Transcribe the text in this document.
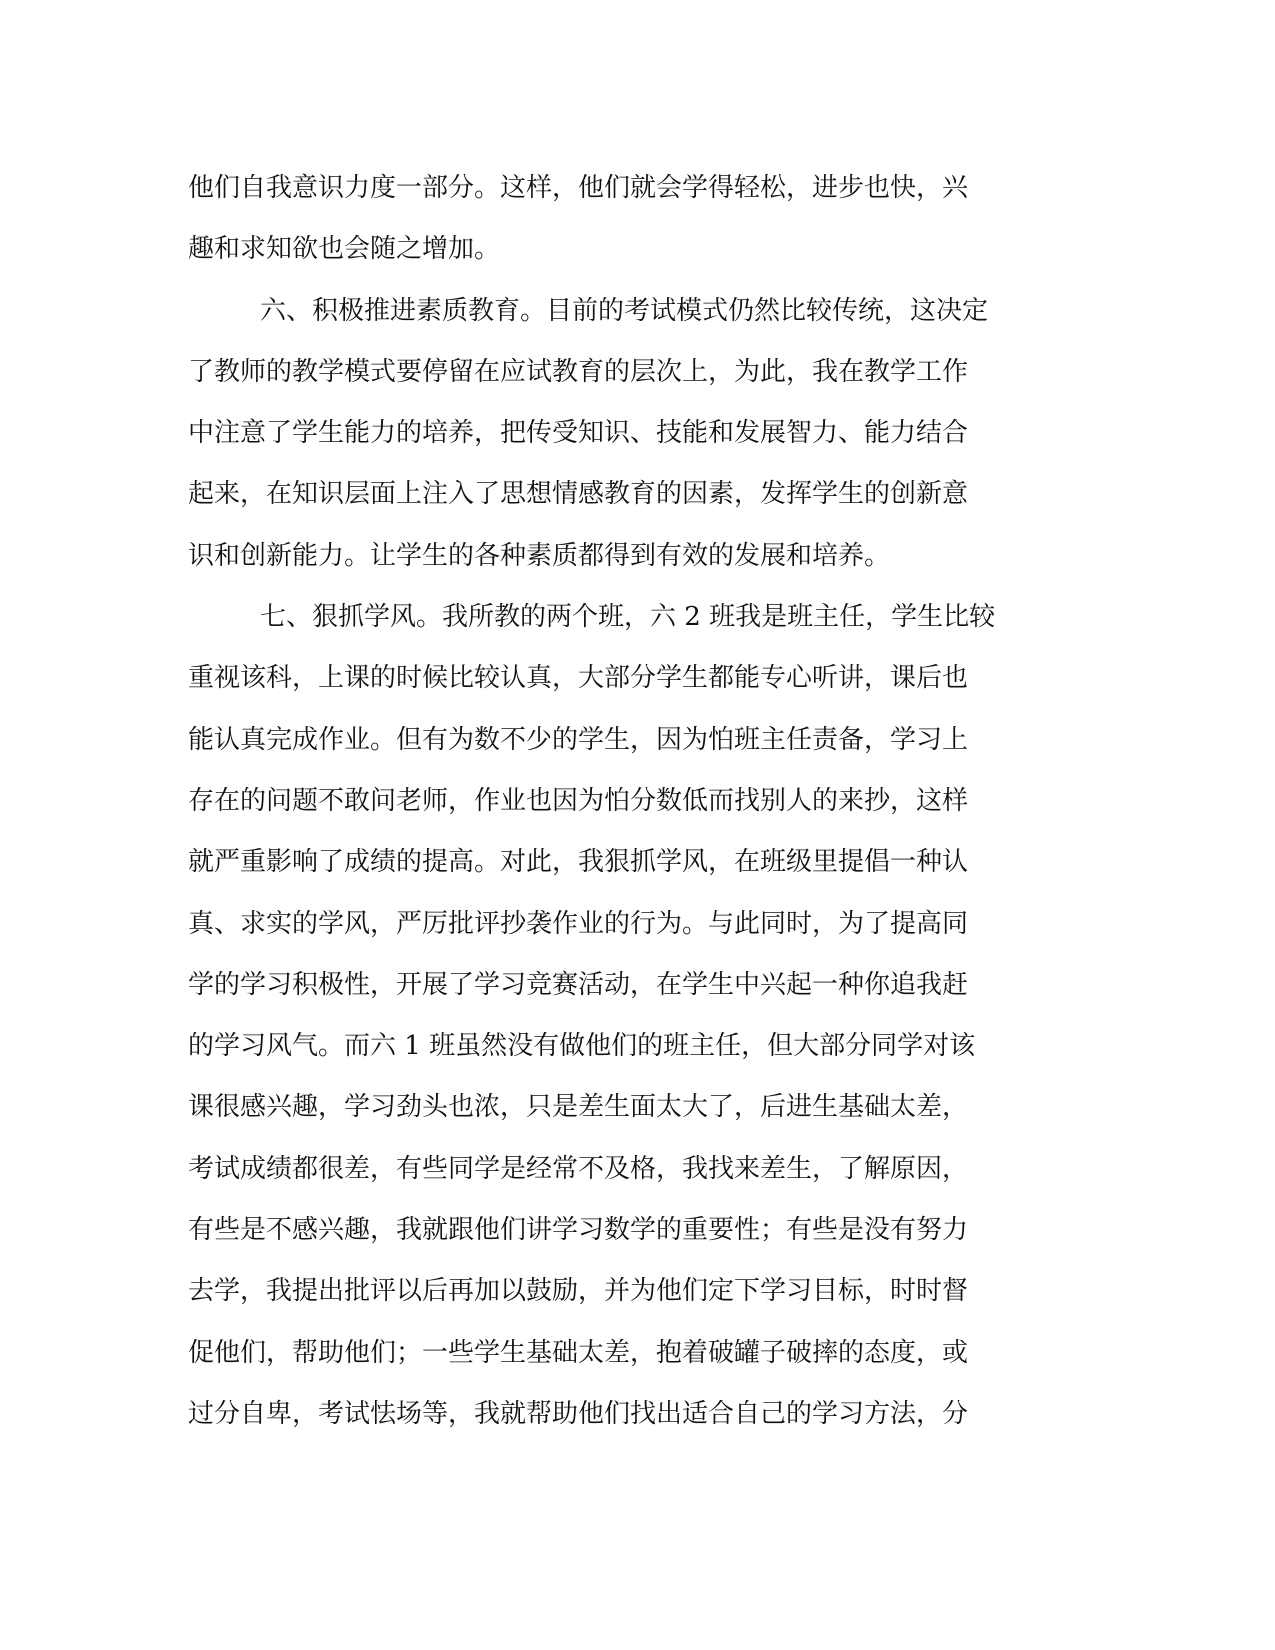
他们自我意识力度一部分。这样，他们就会学得轻松，进步也快，兴
趣和求知欲也会随之增加。
六、积极推进素质教育。目前的考试模式仍然比较传统，这决定
了教师的教学模式要停留在应试教育的层次上，为此，我在教学工作
中注意了学生能力的培养，把传受知识、技能和发展智力、能力结合
起来，在知识层面上注入了思想情感教育的因素，发挥学生的创新意
识和创新能力。让学生的各种素质都得到有效的发展和培养。
七、狠抓学风。我所教的两个班，六 2 班我是班主任，学生比较
重视该科，上课的时候比较认真，大部分学生都能专心听讲，课后也
能认真完成作业。但有为数不少的学生，因为怕班主任责备，学习上
存在的问题不敢问老师，作业也因为怕分数低而找别人的来抄，这样
就严重影响了成绩的提高。对此，我狠抓学风，在班级里提倡一种认
真、求实的学风，严厉批评抄袭作业的行为。与此同时，为了提高同
学的学习积极性，开展了学习竞赛活动，在学生中兴起一种你追我赶
的学习风气。而六 1 班虽然没有做他们的班主任，但大部分同学对该
课很感兴趣，学习劲头也浓，只是差生面太大了，后进生基础太差，
考试成绩都很差，有些同学是经常不及格，我找来差生，了解原因，
有些是不感兴趣，我就跟他们讲学习数学的重要性；有些是没有努力
去学，我提出批评以后再加以鼓励，并为他们定下学习目标，时时督
促他们，帮助他们；一些学生基础太差，抱着破罐子破摔的态度，或
过分自卑，考试怯场等，我就帮助他们找出适合自己的学习方法，分
